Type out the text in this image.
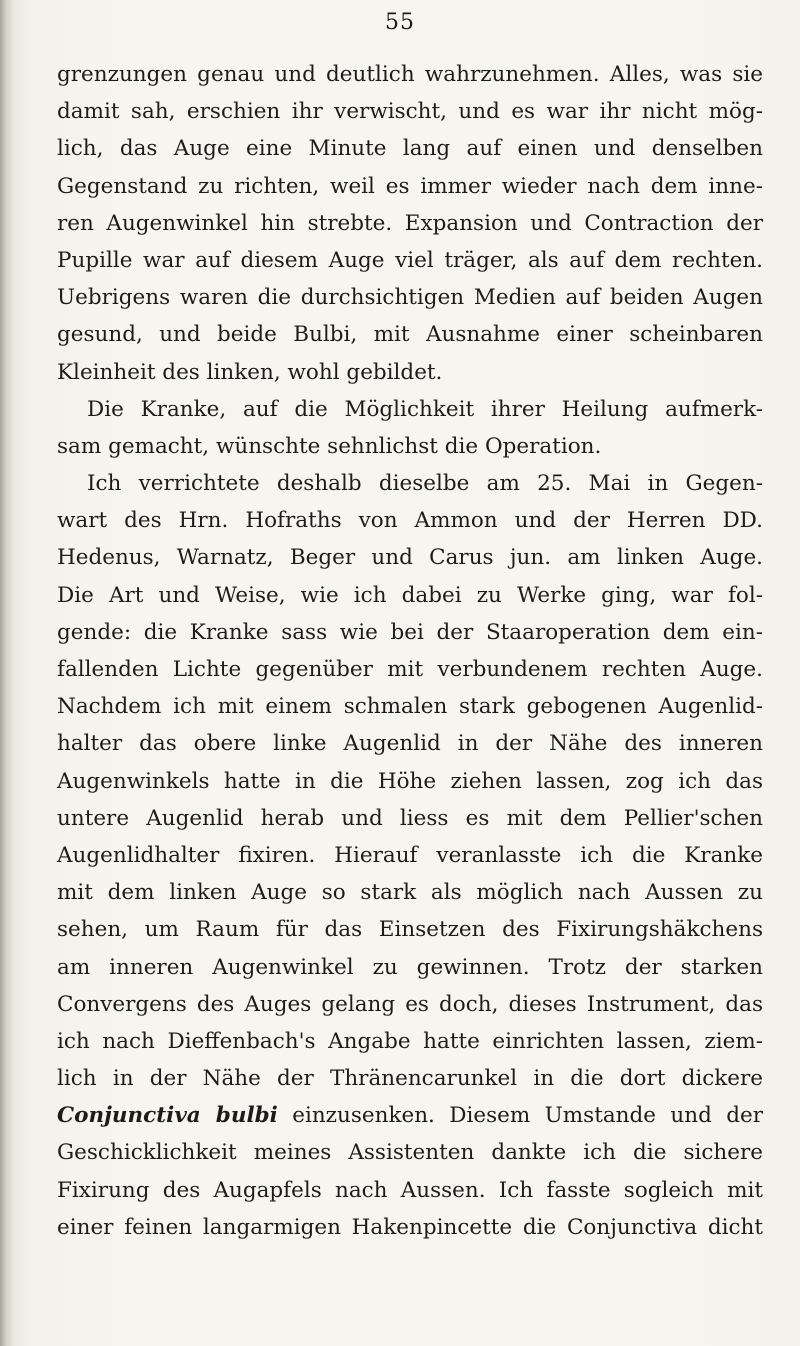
55
grenzungen genau und deutlich wahrzunehmen. Alles, was sie
damit sah, erschien ihr verwischt, und es war ihr nicht mög-
lich, das Auge eine Minute lang auf einen und denselben
Gegenstand zu richten, weil es immer wieder nach dem inne-
ren Augenwinkel hin strebte. Expansion und Contraction der
Pupille war auf diesem Auge viel träger, als auf dem rechten.
Uebrigens waren die durchsichtigen Medien auf beiden Augen
gesund, und beide Bulbi, mit Ausnahme einer scheinbaren
Kleinheit des linken, wohl gebildet.
Die Kranke, auf die Möglichkeit ihrer Heilung aufmerk-
sam gemacht, wünschte sehnlichst die Operation.
Ich verrichtete deshalb dieselbe am 25. Mai in Gegen-
wart des Hrn. Hofraths von Ammon und der Herren DD.
Hedenus, Warnatz, Beger und Carus jun. am linken Auge.
Die Art und Weise, wie ich dabei zu Werke ging, war fol-
gende: die Kranke sass wie bei der Staaroperation dem ein-
fallenden Lichte gegenüber mit verbundenem rechten Auge.
Nachdem ich mit einem schmalen stark gebogenen Augenlid-
halter das obere linke Augenlid in der Nähe des inneren
Augenwinkels hatte in die Höhe ziehen lassen, zog ich das
untere Augenlid herab und liess es mit dem Pellier'schen
Augenlidhalter fixiren. Hierauf veranlasste ich die Kranke
mit dem linken Auge so stark als möglich nach Aussen zu
sehen, um Raum für das Einsetzen des Fixirungshäkchens
am inneren Augenwinkel zu gewinnen. Trotz der starken
Convergens des Auges gelang es doch, dieses Instrument, das
ich nach Dieffenbach's Angabe hatte einrichten lassen, ziem-
lich in der Nähe der Thränencarunkel in die dort dickere
Conjunctiva bulbi einzusenken. Diesem Umstande und der
Geschicklichkeit meines Assistenten dankte ich die sichere
Fixirung des Augapfels nach Aussen. Ich fasste sogleich mit
einer feinen langarmigen Hakenpincette die Conjunctiva dicht
